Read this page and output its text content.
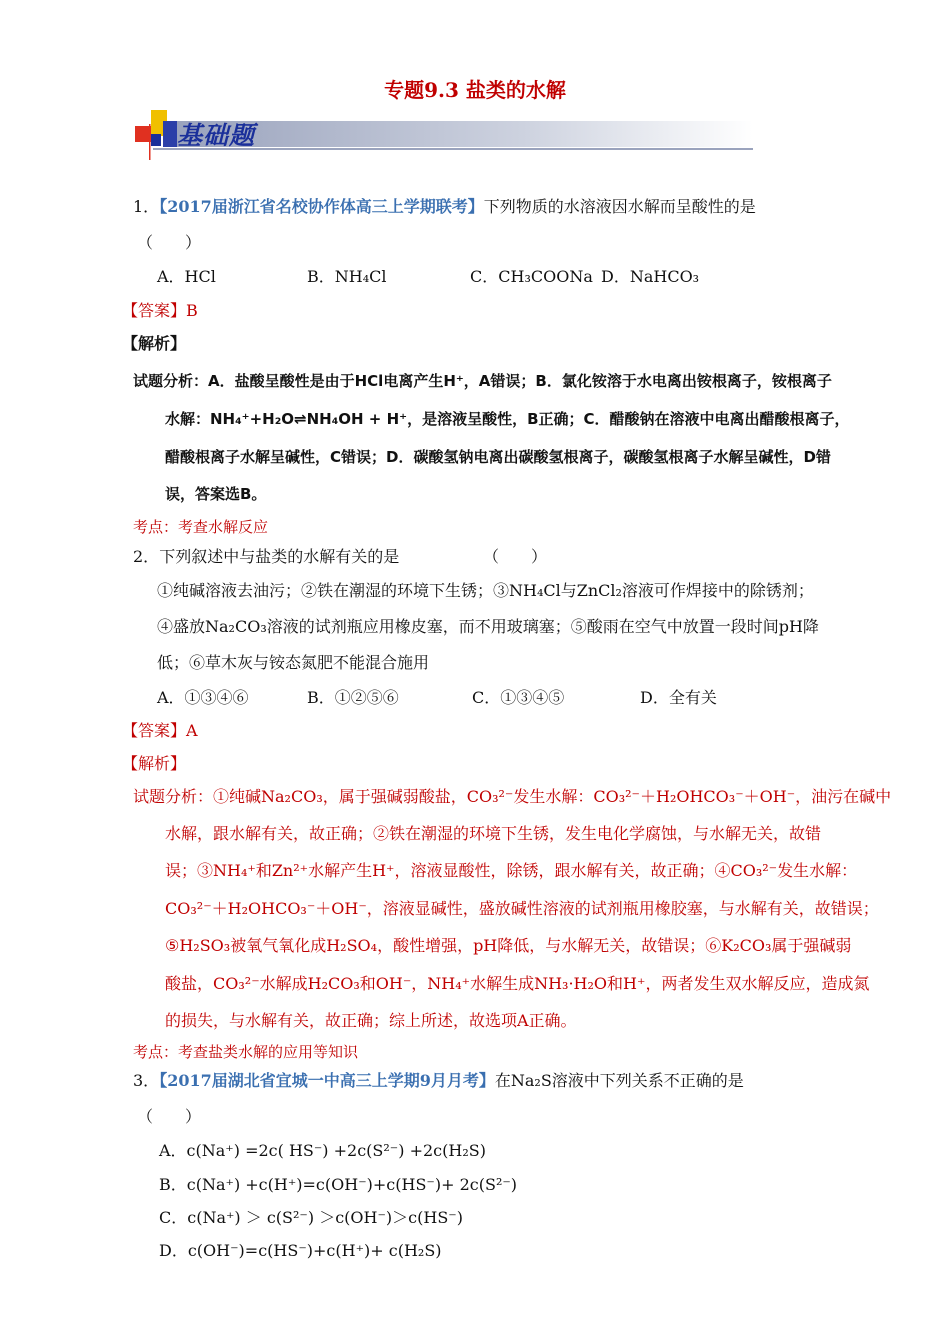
专题9.3 盐类的水解
基础题
1．【2017届浙江省名校协作体高三上学期联考】下列物质的水溶液因水解而呈酸性的是
（　　）
A．HCl	B．NH₄Cl	C．CH₃COONa D．NaHCO₃
【答案】B
【解析】
试题分析：A．盐酸呈酸性是由于HCl电离产生H⁺，A错误；B．氯化铵溶于水电离出铵根离子，铵根离子
水解：NH₄⁺+H₂O⇌NH₄OH + H⁺，是溶液呈酸性，B正确；C．醋酸钠在溶液中电离出醋酸根离子，
醋酸根离子水解呈碱性，C错误；D．碳酸氢钠电离出碳酸氢根离子，碳酸氢根离子水解呈碱性，D错
误，答案选B。
考点：考查水解反应
2．下列叙述中与盐类的水解有关的是	（　　）
①纯碱溶液去油污；②铁在潮湿的环境下生锈；③NH₄Cl与ZnCl₂溶液可作焊接中的除锈剂；
④盛放Na₂CO₃溶液的试剂瓶应用橡皮塞，而不用玻璃塞；⑤酸雨在空气中放置一段时间pH降
低；⑥草木灰与铵态氮肥不能混合施用
A．①③④⑥	B．①②⑤⑥	C．①③④⑤	D．全有关
【答案】A
【解析】
试题分析：①纯碱Na₂CO₃，属于强碱弱酸盐，CO₃²⁻发生水解：CO₃²⁻＋H₂OHCO₃⁻＋OH⁻，油污在碱中
水解，跟水解有关，故正确；②铁在潮湿的环境下生锈，发生电化学腐蚀，与水解无关，故错
误；③NH₄⁺和Zn²⁺水解产生H⁺，溶液显酸性，除锈，跟水解有关，故正确；④CO₃²⁻发生水解：
CO₃²⁻＋H₂OHCO₃⁻＋OH⁻，溶液显碱性，盛放碱性溶液的试剂瓶用橡胶塞，与水解有关，故错误；
⑤H₂SO₃被氧气氧化成H₂SO₄，酸性增强，pH降低，与水解无关，故错误；⑥K₂CO₃属于强碱弱
酸盐，CO₃²⁻水解成H₂CO₃和OH⁻，NH₄⁺水解生成NH₃·H₂O和H⁺，两者发生双水解反应，造成氮
的损失，与水解有关，故正确；综上所述，故选项A正确。
考点：考查盐类水解的应用等知识
3．【2017届湖北省宜城一中高三上学期9月月考】在Na₂S溶液中下列关系不正确的是
（　　）
A．c(Na⁺) =2c( HS⁻) +2c(S²⁻) +2c(H₂S)
B．c(Na⁺) +c(H⁺)=c(OH⁻)+c(HS⁻)+ 2c(S²⁻)
C．c(Na⁺) ＞ c(S²⁻) ＞c(OH⁻)＞c(HS⁻)
D．c(OH⁻)=c(HS⁻)+c(H⁺)+ c(H₂S)
